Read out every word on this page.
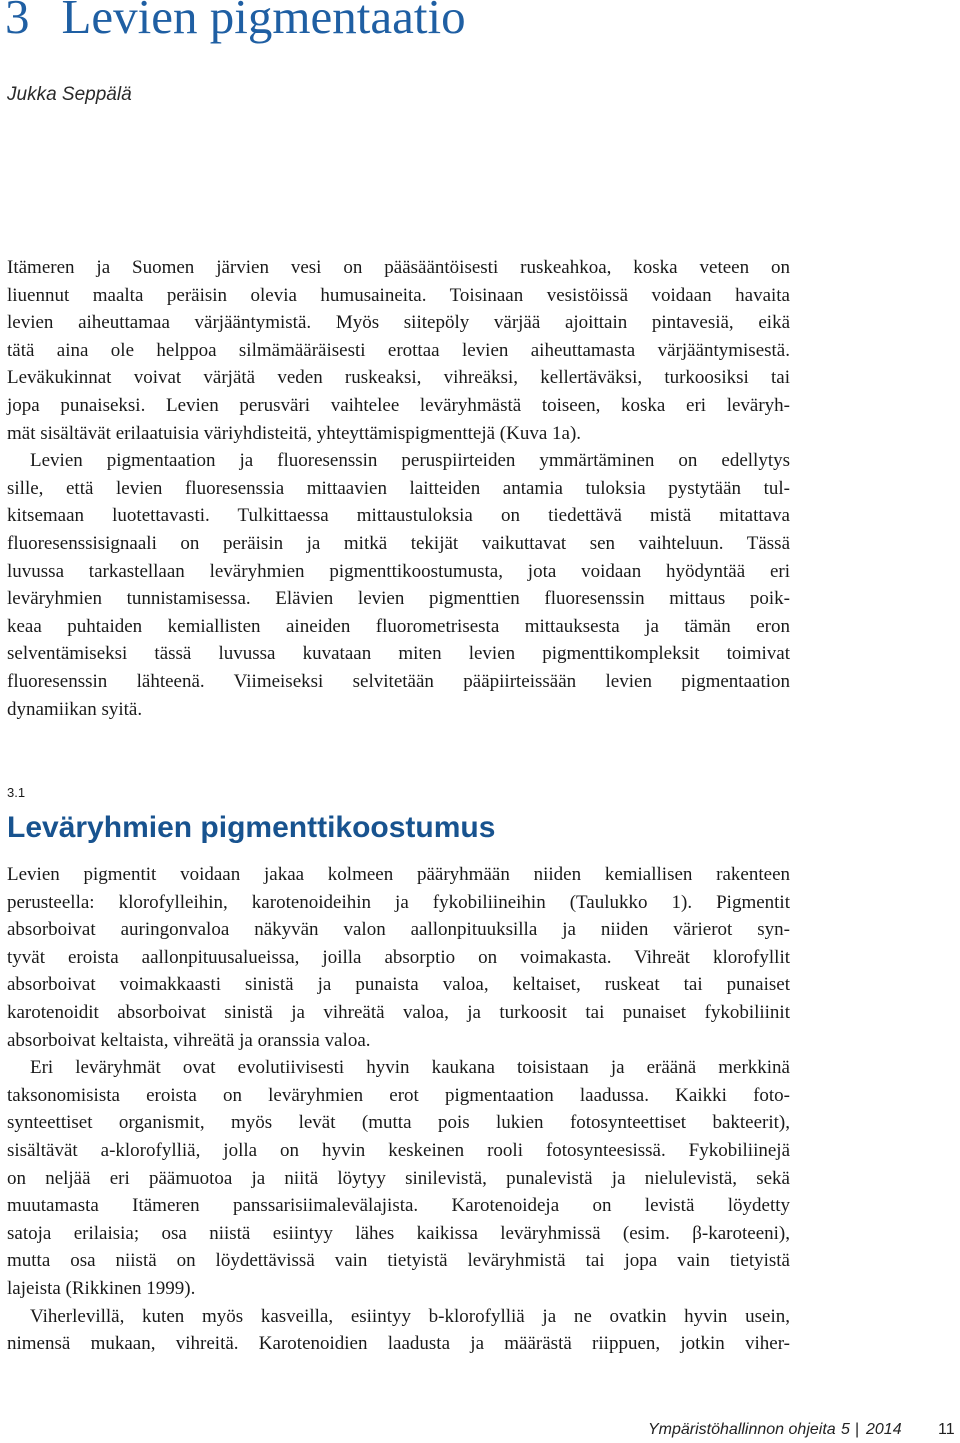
3 Levien pigmentaatio
Jukka Seppälä
Itämeren ja Suomen järvien vesi on pääsääntöisesti ruskeahkoa, koska veteen on
liuennut maalta peräisin olevia humusaineita. Toisinaan vesistöissä voidaan havaita
levien aiheuttamaa värjääntymistä. Myös siitepöly värjää ajoittain pintavesiä, eikä
tätä aina ole helppoa silmämääräisesti erottaa levien aiheuttamasta värjääntymisestä.
Leväkukinnat voivat värjätä veden ruskeaksi, vihreäksi, kellertäväksi, turkoosiksi tai
jopa punaiseksi. Levien perusväri vaihtelee leväryhmästä toiseen, koska eri leväryh-
mät sisältävät erilaatuisia väriyhdisteitä, yhteyttämispigmenttejä (Kuva 1a).
Levien pigmentaation ja fluoresenssin peruspiirteiden ymmärtäminen on edellytys
sille, että levien fluoresenssia mittaavien laitteiden antamia tuloksia pystytään tul-
kitsemaan luotettavasti. Tulkittaessa mittaustuloksia on tiedettävä mistä mitattava
fluoresenssisignaali on peräisin ja mitkä tekijät vaikuttavat sen vaihteluun. Tässä
luvussa tarkastellaan leväryhmien pigmenttikoostumusta, jota voidaan hyödyntää eri
leväryhmien tunnistamisessa. Elävien levien pigmenttien fluoresenssin mittaus poik-
keaa puhtaiden kemiallisten aineiden fluorometrisesta mittauksesta ja tämän eron
selventämiseksi tässä luvussa kuvataan miten levien pigmenttikompleksit toimivat
fluoresenssin lähteenä. Viimeiseksi selvitetään pääpiirteissään levien pigmentaation
dynamiikan syitä.
3.1
Leväryhmien pigmenttikoostumus
Levien pigmentit voidaan jakaa kolmeen pääryhmään niiden kemiallisen rakenteen
perusteella: klorofylleihin, karotenoideihin ja fykobiliineihin (Taulukko 1). Pigmentit
absorboivat auringonvaloa näkyvän valon aallonpituuksilla ja niiden värierot syn-
tyvät eroista aallonpituusalueissa, joilla absorptio on voimakasta. Vihreät klorofyllit
absorboivat voimakkaasti sinistä ja punaista valoa, keltaiset, ruskeat tai punaiset
karotenoidit absorboivat sinistä ja vihreätä valoa, ja turkoosit tai punaiset fykobiliinit
absorboivat keltaista, vihreätä ja oranssia valoa.
Eri leväryhmät ovat evolutiivisesti hyvin kaukana toisistaan ja eräänä merkkinä
taksonomisista eroista on leväryhmien erot pigmentaation laadussa. Kaikki foto-
synteettiset organismit, myös levät (mutta pois lukien fotosynteettiset bakteerit),
sisältävät a-klorofylliä, jolla on hyvin keskeinen rooli fotosynteesissä. Fykobiliinejä
on neljää eri päämuotoa ja niitä löytyy sinilevistä, punalevistä ja nielulevistä, sekä
muutamasta Itämeren panssarisiimalevälajista. Karotenoideja on levistä löydetty
satoja erilaisia; osa niistä esiintyy lähes kaikissa leväryhmissä (esim. β-karoteeni),
mutta osa niistä on löydettävissä vain tietyistä leväryhmistä tai jopa vain tietyistä
lajeista (Rikkinen 1999).
Viherlevillä, kuten myös kasveilla, esiintyy b-klorofylliä ja ne ovatkin hyvin usein,
nimensä mukaan, vihreitä. Karotenoidien laadusta ja määrästä riippuen, jotkin viher-
Ympäristöhallinnon ohjeita 5 | 2014 11
